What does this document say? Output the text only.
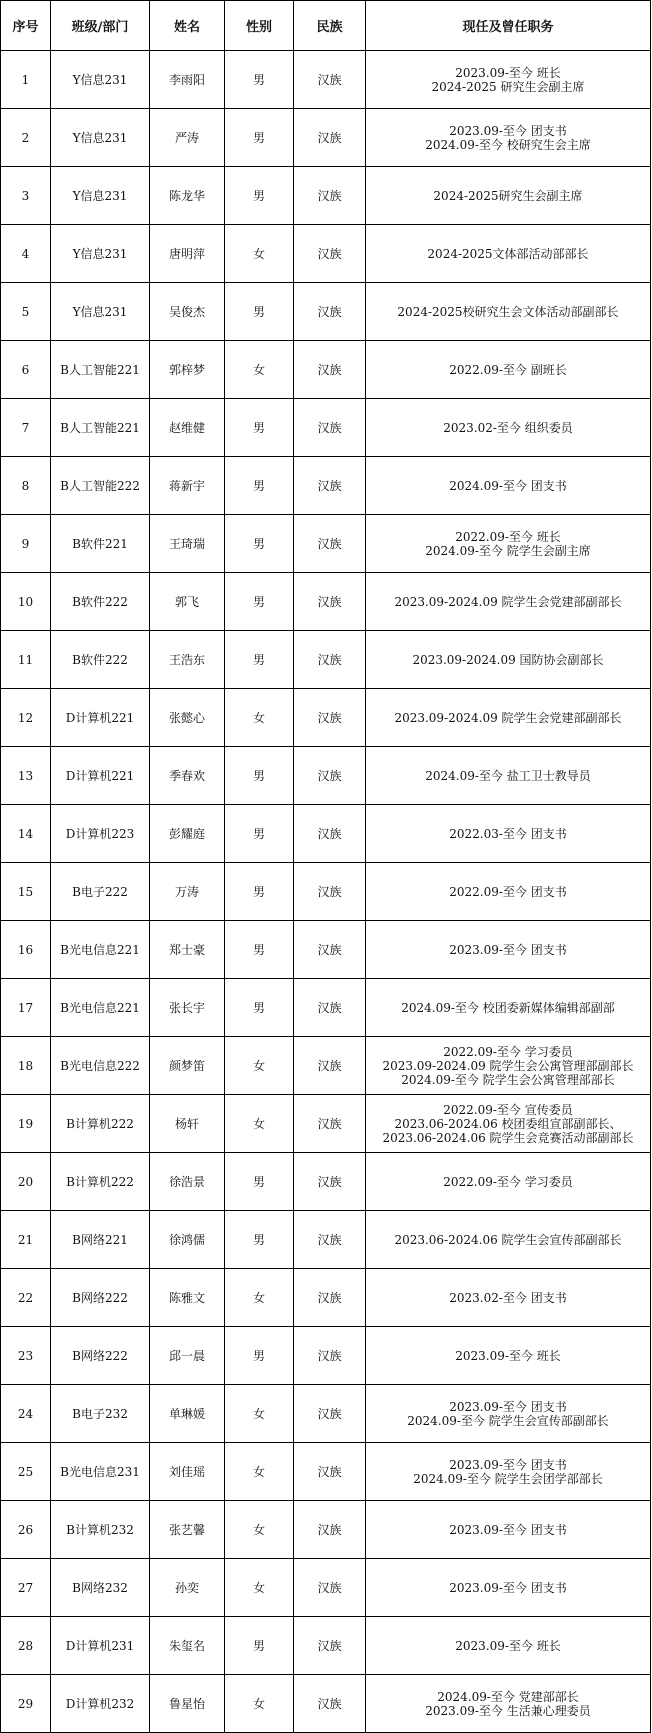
序号	班级/部门	姓名	性别	民族	现任及曾任职务
1	Y信息231	李雨阳	男	汉族	2023.09-至今 班长
2024-2025 研究生会副主席

2	Y信息231	严涛	男	汉族	2023.09-至今 团支书
2024.09-至今 校研究生会主席

3	Y信息231	陈龙华	男	汉族	2024-2025研究生会副主席

4	Y信息231	唐明萍	女	汉族	2024-2025文体部活动部部长

5	Y信息231	吴俊杰	男	汉族	2024-2025校研究生会文体活动部副部长

6	B人工智能221	郭梓梦	女	汉族	2022.09-至今 副班长

7	B人工智能221	赵维健	男	汉族	2023.02-至今 组织委员

8	B人工智能222	蒋新宇	男	汉族	2024.09-至今 团支书

9	B软件221	王琦瑞	男	汉族	2022.09-至今 班长
2024.09-至今 院学生会副主席

10	B软件222	郭飞	男	汉族	2023.09-2024.09 院学生会党建部副部长

11	B软件222	王浩东	男	汉族	2023.09-2024.09 国防协会副部长

12	D计算机221	张懿心	女	汉族	2023.09-2024.09 院学生会党建部副部长

13	D计算机221	季春欢	男	汉族	2024.09-至今 盐工卫士教导员

14	D计算机223	彭耀庭	男	汉族	2022.03-至今 团支书

15	B电子222	万涛	男	汉族	2022.09-至今 团支书

16	B光电信息221	郑士豪	男	汉族	2023.09-至今 团支书

17	B光电信息221	张长宇	男	汉族	2024.09-至今 校团委新媒体编辑部副部

18	B光电信息222	颜梦笛	女	汉族	2022.09-至今 学习委员
2023.09-2024.09 院学生会公寓管理部副部长
2024.09-至今 院学生会公寓管理部部长

19	B计算机222	杨轩	女	汉族	2022.09-至今 宣传委员
2023.06-2024.06 校团委组宣部副部长、
2023.06-2024.06 院学生会竞赛活动部副部长

20	B计算机222	徐浩景	男	汉族	2022.09-至今 学习委员

21	B网络221	徐鸿儒	男	汉族	2023.06-2024.06 院学生会宣传部副部长

22	B网络222	陈雅文	女	汉族	2023.02-至今 团支书

23	B网络222	邱一晨	男	汉族	2023.09-至今 班长

24	B电子232	单琳媛	女	汉族	2023.09-至今 团支书
2024.09-至今 院学生会宣传部副部长

25	B光电信息231	刘佳瑶	女	汉族	2023.09-至今 团支书
2024.09-至今 院学生会团学部部长

26	B计算机232	张艺馨	女	汉族	2023.09-至今 团支书

27	B网络232	孙奕	女	汉族	2023.09-至今 团支书

28	D计算机231	朱玺名	男	汉族	2023.09-至今 班长

29	D计算机232	鲁星怡	女	汉族	2024.09-至今 党建部部长
2023.09-至今 生活兼心理委员
